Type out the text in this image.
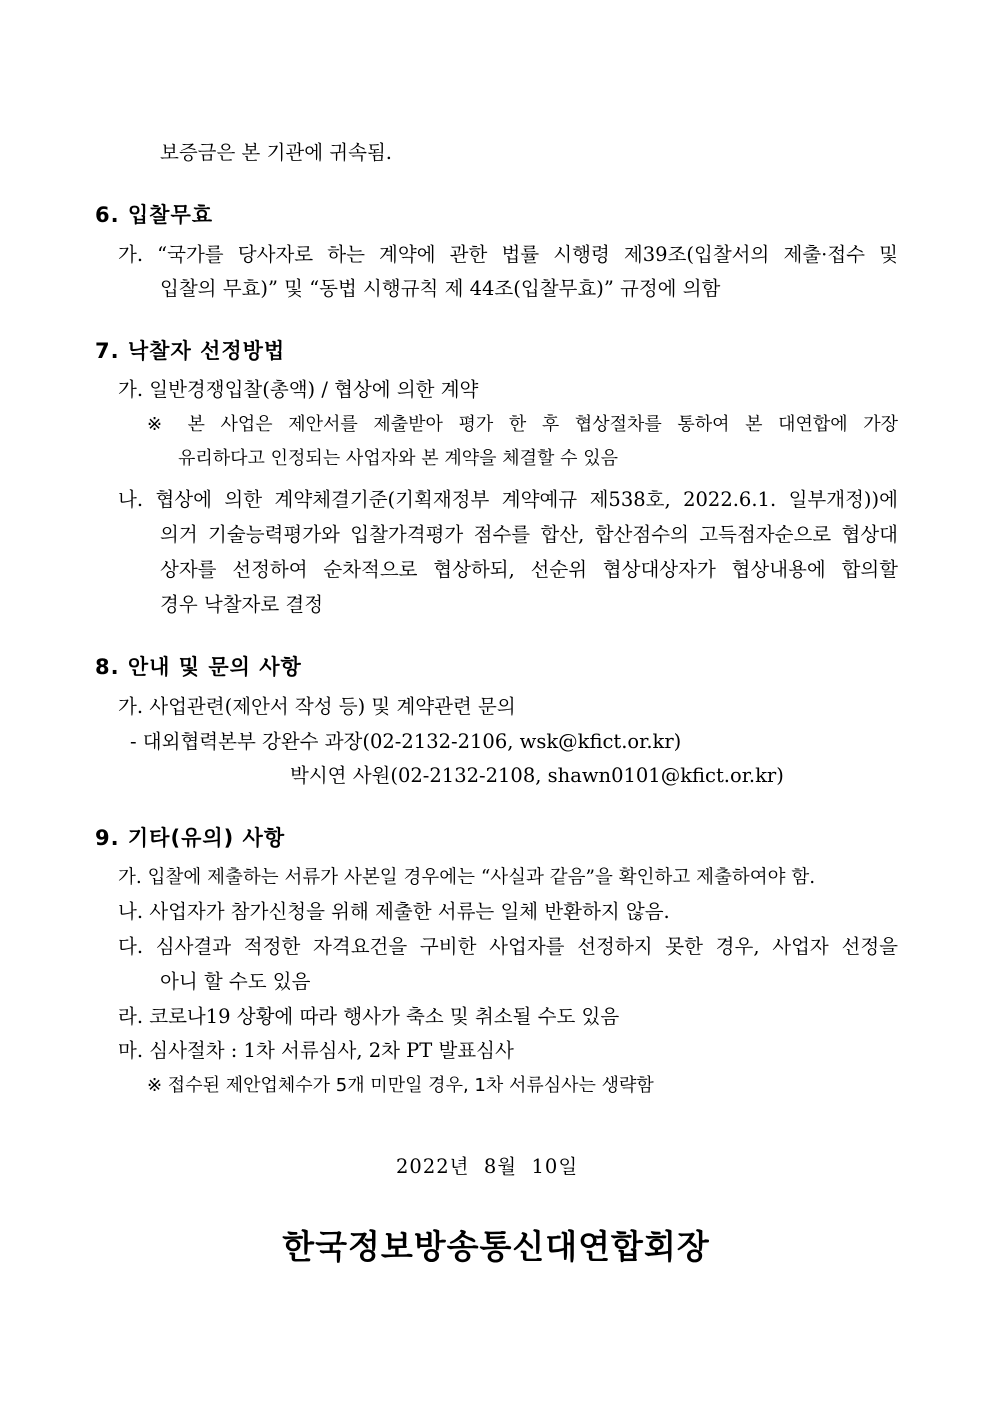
보증금은 본 기관에 귀속됨.
6. 입찰무효
가. “국가를 당사자로 하는 계약에 관한 법률 시행령 제39조(입찰서의 제출·접수 및
입찰의 무효)” 및 “동법 시행규칙 제 44조(입찰무효)” 규정에 의함
7. 낙찰자 선정방법
가. 일반경쟁입찰(총액) / 협상에 의한 계약
※ 본 사업은 제안서를 제출받아 평가 한 후 협상절차를 통하여 본 대연합에 가장
유리하다고 인정되는 사업자와 본 계약을 체결할 수 있음
나. 협상에 의한 계약체결기준(기획재정부 계약예규 제538호, 2022.6.1. 일부개정))에
의거 기술능력평가와 입찰가격평가 점수를 합산, 합산점수의 고득점자순으로 협상대
상자를 선정하여 순차적으로 협상하되, 선순위 협상대상자가 협상내용에 합의할
경우 낙찰자로 결정
8. 안내 및 문의 사항
가. 사업관련(제안서 작성 등) 및 계약관련 문의
- 대외협력본부 강완수 과장(02-2132-2106, wsk@kfict.or.kr)
박시연 사원(02-2132-2108, shawn0101@kfict.or.kr)
9. 기타(유의) 사항
가. 입찰에 제출하는 서류가 사본일 경우에는 “사실과 같음”을 확인하고 제출하여야 함.
나. 사업자가 참가신청을 위해 제출한 서류는 일체 반환하지 않음.
다. 심사결과 적정한 자격요건을 구비한 사업자를 선정하지 못한 경우, 사업자 선정을
아니 할 수도 있음
라. 코로나19 상황에 따라 행사가 축소 및 취소될 수도 있음
마. 심사절차 : 1차 서류심사, 2차 PT 발표심사
※ 접수된 제안업체수가 5개 미만일 경우, 1차 서류심사는 생략함
2022년  8월  10일
한국정보방송통신대연합회장
